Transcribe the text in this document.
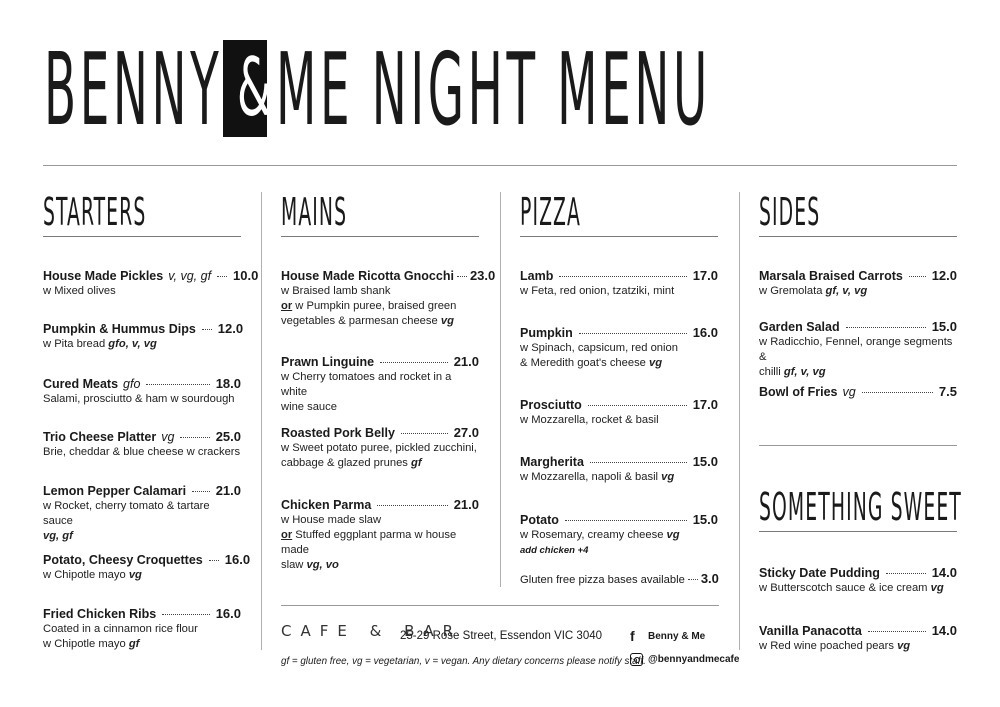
BENNY & ME NIGHT MENU
STARTERS
House Made Pickles v, vg, gf 10.0
w Mixed olives
Pumpkin & Hummus Dips 12.0
w Pita bread gfo, v, vg
Cured Meats gfo	18.0
Salami, prosciutto & ham w sourdough
Trio Cheese Platter vg	25.0
Brie, cheddar & blue cheese w crackers
Lemon Pepper Calamari 21.0
w Rocket, cherry tomato & tartare sauce
vg, gf
Potato, Cheesy Croquettes 16.0
w Chipotle mayo vg
Fried Chicken Ribs	16.0
Coated in a cinnamon rice flour
w Chipotle mayo gf
MAINS
House Made Ricotta Gnocchi 23.0
w Braised lamb shank
or w Pumpkin puree, braised green
vegetables & parmesan cheese vg
Prawn Linguine	21.0
w Cherry tomatoes and rocket in a white
wine sauce
Roasted Pork Belly	27.0
w Sweet potato puree, pickled zucchini,
cabbage & glazed prunes gf
Chicken Parma	21.0
w House made slaw
or Stuffed eggplant parma w house made
slaw vg, vo
PIZZA
Lamb	17.0
w Feta, red onion, tzatziki, mint
Pumpkin	16.0
w Spinach, capsicum, red onion
& Meredith goat's cheese vg
Prosciutto	17.0
w Mozzarella, rocket & basil
Margherita	15.0
w Mozzarella, napoli & basil vg
Potato	15.0
w Rosemary, creamy cheese vg
add chicken +4
Gluten free pizza bases available 3.0
SIDES
Marsala Braised Carrots 12.0
w Gremolata gf, v, vg
Garden Salad	15.0
w Radicchio, Fennel, orange segments &
chilli gf, v, vg
Bowl of Fries vg	7.5
SOMETHING SWEET
Sticky Date Pudding	14.0
w Butterscotch sauce & ice cream vg
Vanilla Panacotta	14.0
w Red wine poached pears vg
CAFE & BAR
25-29 Rose Street, Essendon VIC 3040 f	Benny & Me
@bennyandmecafe
gf = gluten free, vg = vegetarian, v = vegan. Any dietary concerns please notify staff.
